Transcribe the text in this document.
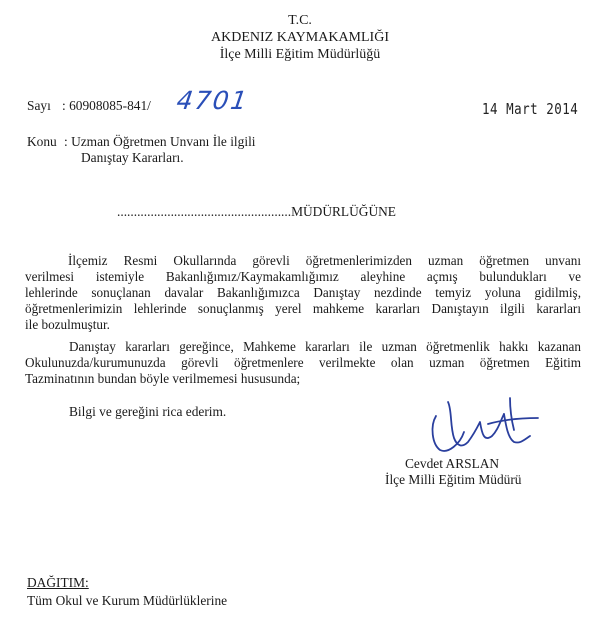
T.C.
AKDENIZ KAYMAKAMLIĞI
İlçe Milli Eğitim Müdürlüğü
Sayı : 60908085-841/ 4701	14 Mart 2014
Konu : Uzman Öğretmen Unvanı İle ilgili
Danıştay Kararları.
....................................................MÜDÜRLÜĞÜNE

İlçemiz Resmi Okullarında görevli öğretmenlerimizden uzman öğretmen unvanı

verilmesi istemiyle Bakanlığımız/Kaymakamlığımız aleyhine açmış bulundukları ve

lehlerinde sonuçlanan davalar Bakanlığımızca Danıştay nezdinde temyiz yoluna gidilmiş,

öğretmenlerimizin lehlerinde sonuçlanmış yerel mahkeme kararları Danıştayın ilgili kararları

ile bozulmuştur.

Danıştay kararları gereğince, Mahkeme kararları ile uzman öğretmenlik hakkı kazanan

Okulunuzda/kurumunuzda görevli öğretmenlere verilmekte olan uzman öğretmen Eğitim

Tazminatının bundan böyle verilmemesi hususunda;

Bilgi ve gereğini rica ederim.
Cevdet ARSLAN
İlçe Milli Eğitim Müdürü
DAĞITIM:
Tüm Okul ve Kurum Müdürlüklerine
